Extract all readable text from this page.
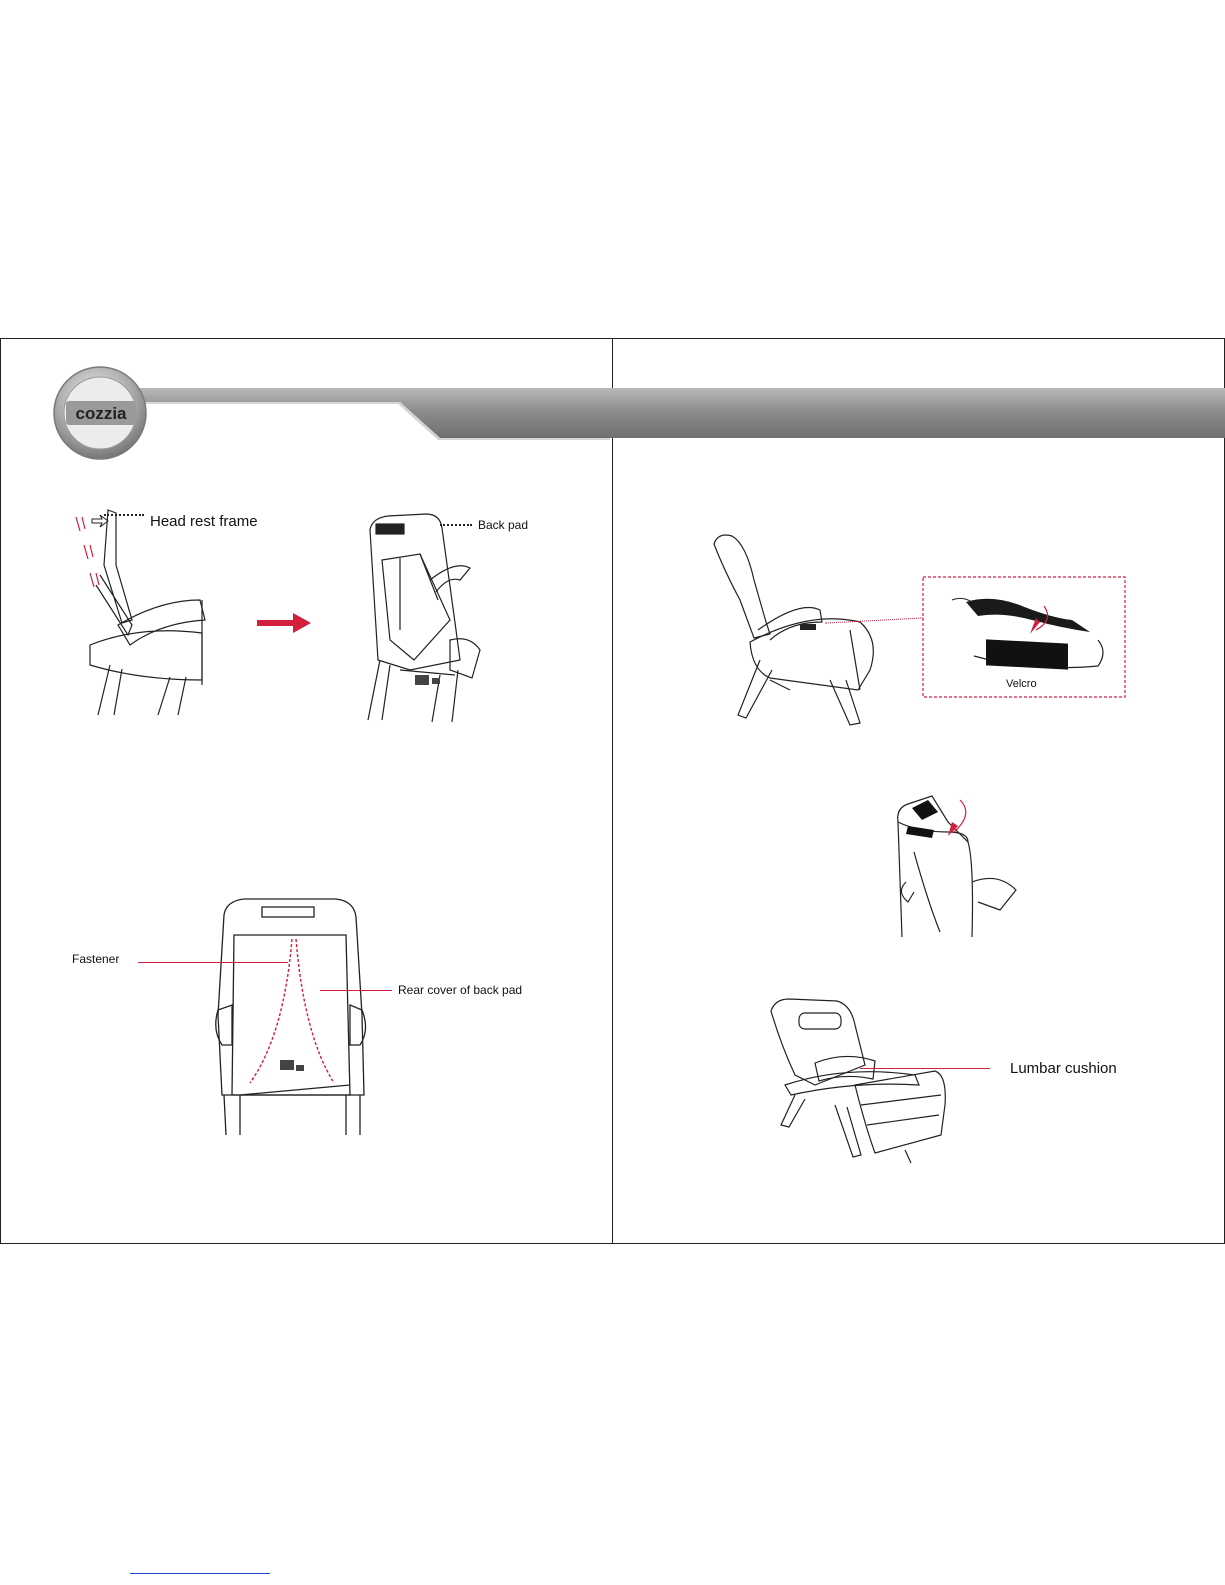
cozzia
Head rest frame	Back pad
Fastener
Rear cover of back pad
Velcro
Lumbar cushion
